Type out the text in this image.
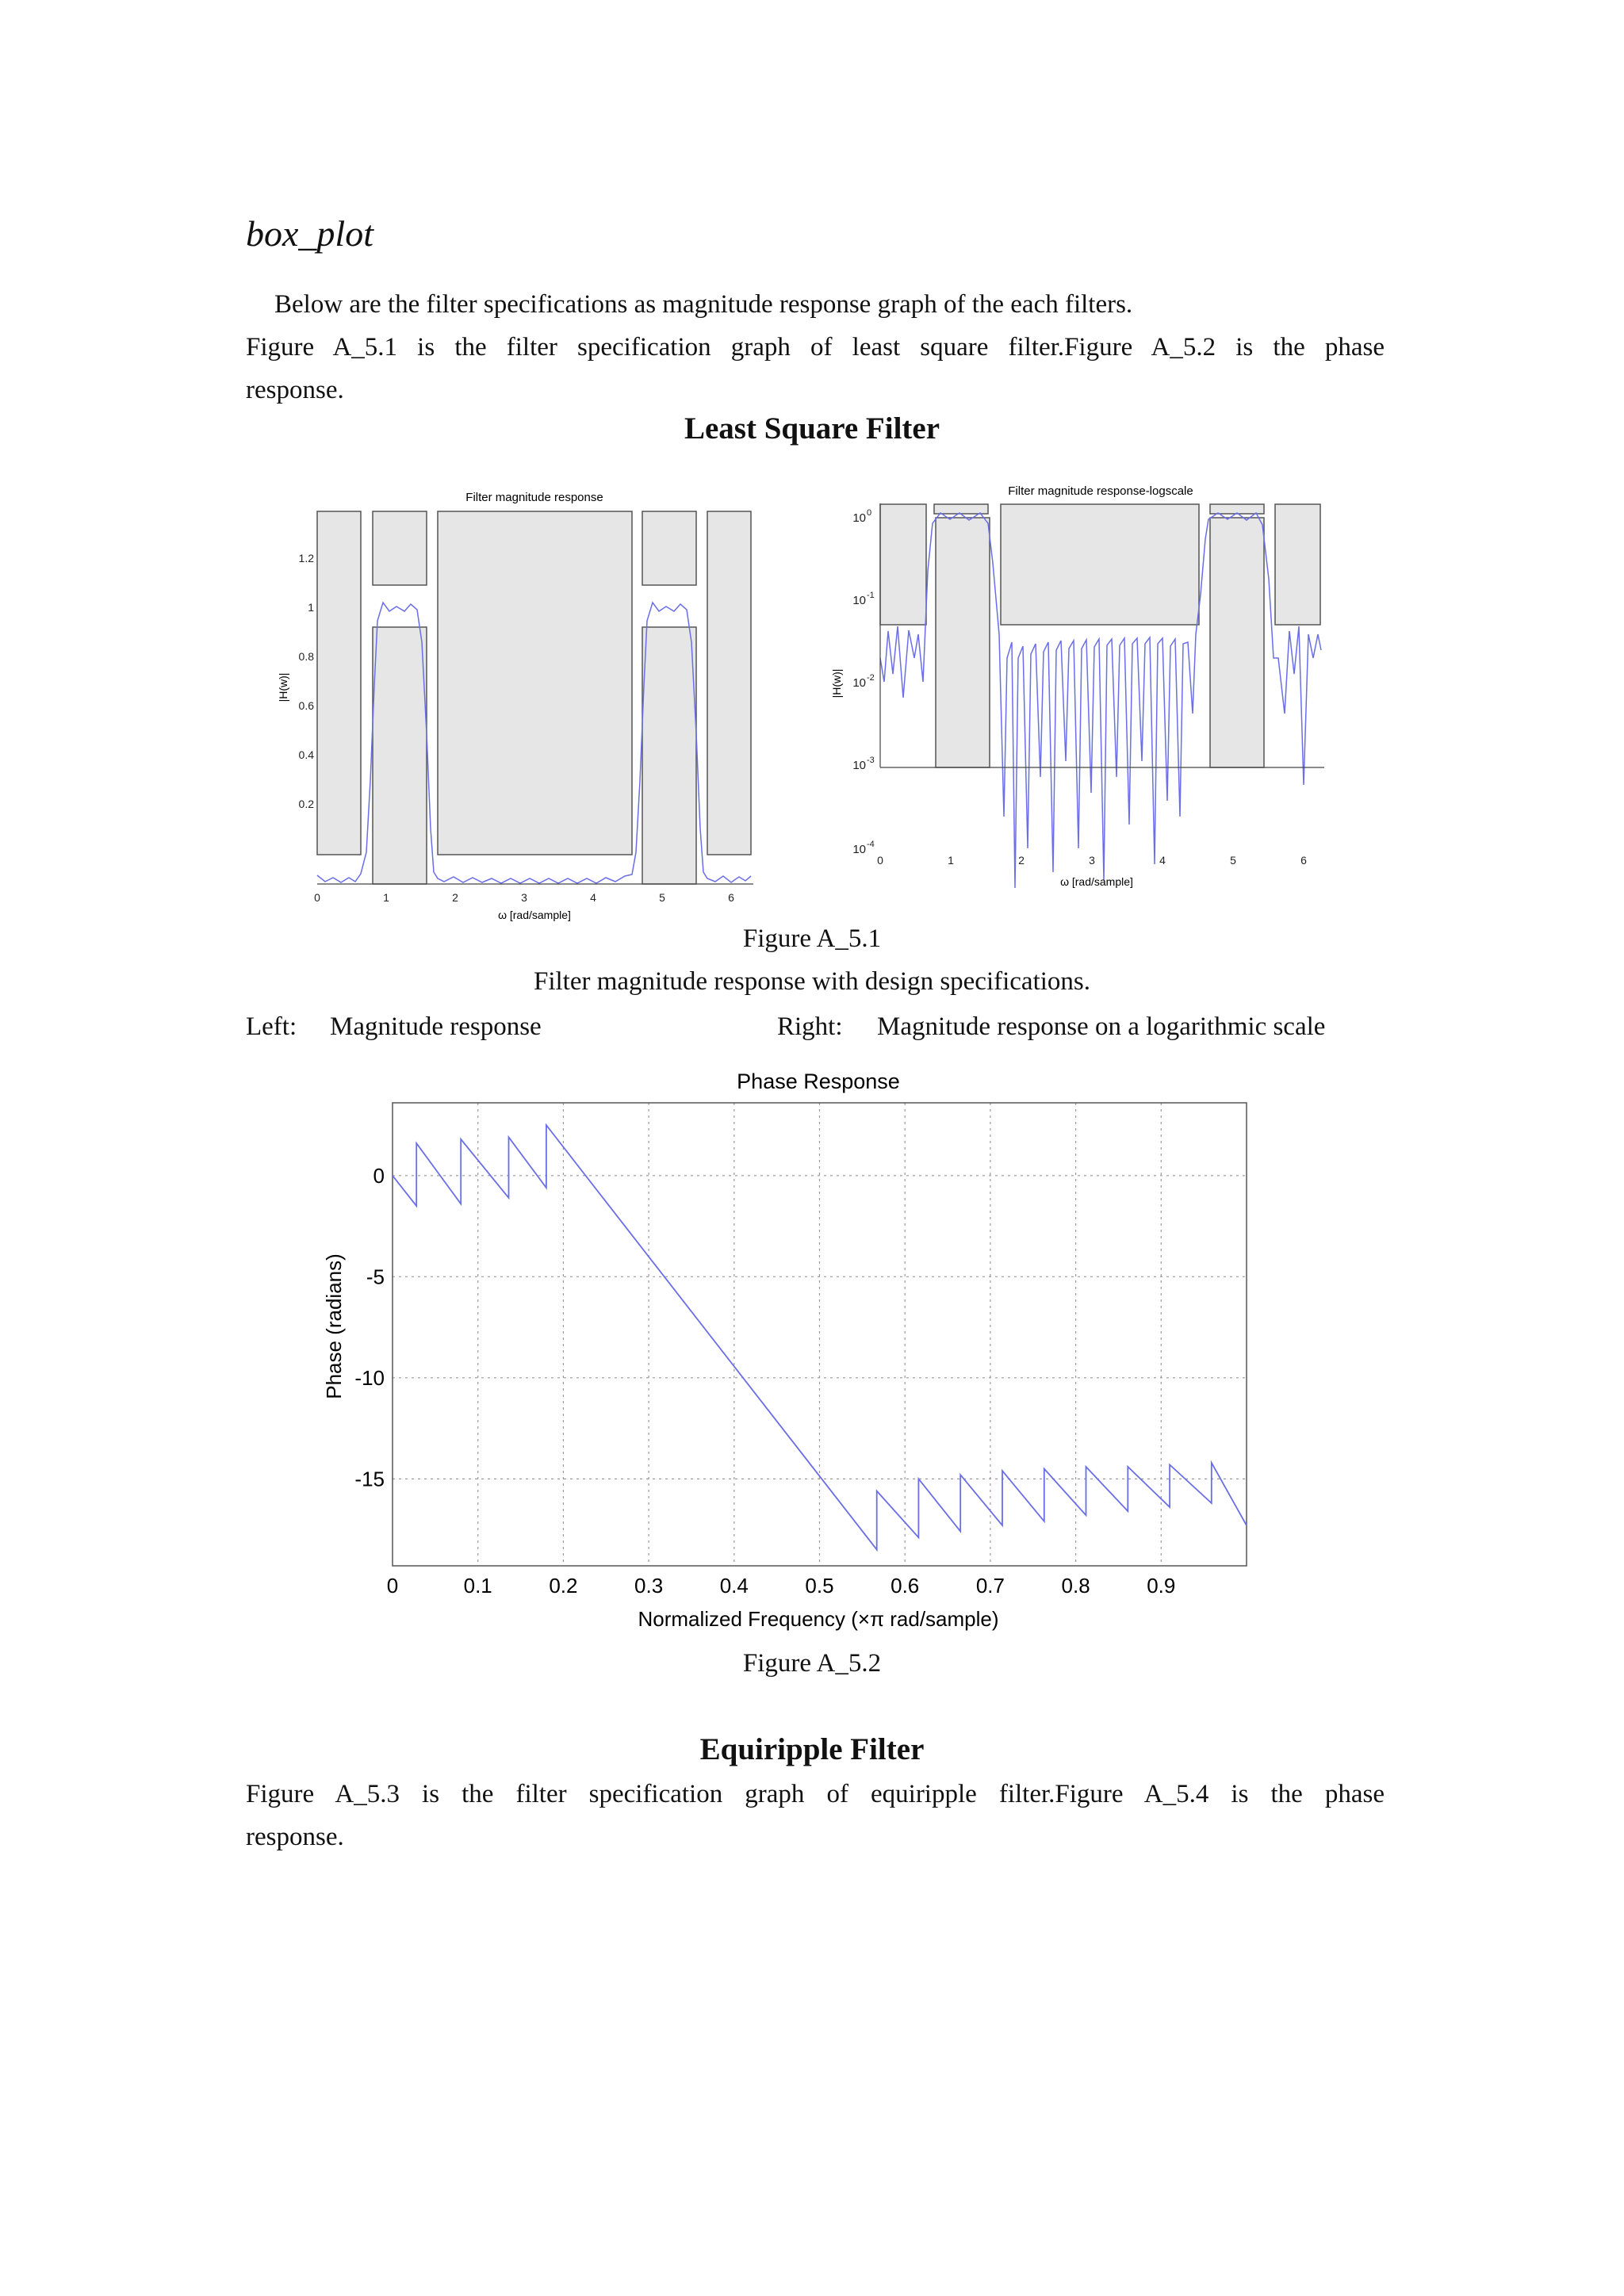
box_plot
Below are the filter specifications as magnitude response graph of the each filters.
Figure A_5.1 is the filter specification graph of least square filter.Figure A_5.2 is the phase
response.
Least Square Filter
Filter magnitude response
0.2
0.4
0.6
0.8
1
1.2
0	1	2	3	4	5	6
ω [rad/sample]
|H(w)|
Filter magnitude response-logscale
10
10
10
10
10
-4
-3
-2
-1
0
0	1	2	3	4	5	6
ω [rad/sample]
|H(w)|
Figure A_5.1
Filter magnitude response with design specifications.
Left: Magnitude response	Right: Magnitude response on a logarithmic scale
Phase Response
0	0.1	0.2	0.3	0.4	0.5	0.6	0.7	0.8	0.9
0
-5
-10
-15
Normalized Frequency (×π rad/sample)
Phase (radians)
Figure A_5.2
Equiripple Filter
Figure A_5.3 is the filter specification graph of equiripple filter.Figure A_5.4 is the phase
response.
